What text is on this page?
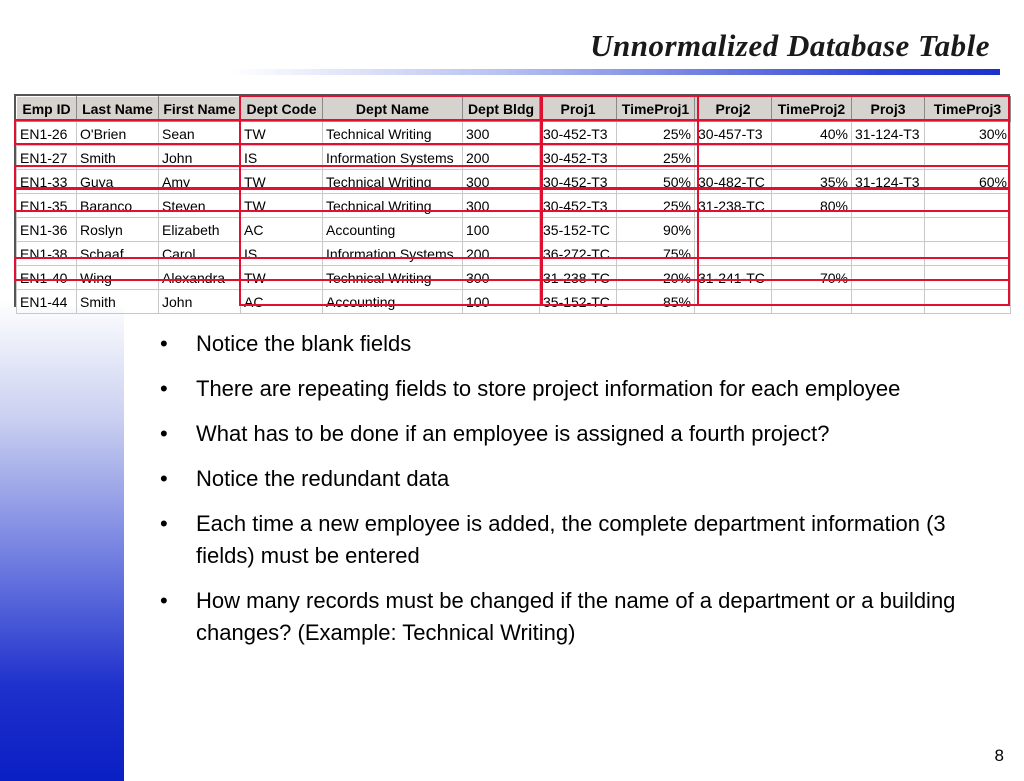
Unnormalized Database Table
Emp ID	Last Name	First Name	Dept Code	Dept Name	Dept Bldg	Proj1	TimeProj1	Proj2	TimeProj2	Proj3	TimeProj3
EN1-26	O'Brien	Sean	TW	Technical Writing	300	30-452-T3	25%	30-457-T3	40%	31-124-T3	30%
EN1-27	Smith	John	IS	Information Systems	200	30-452-T3	25%				
EN1-33	Guya	Amy	TW	Technical Writing	300	30-452-T3	50%	30-482-TC	35%	31-124-T3	60%
EN1-35	Baranco	Steven	TW	Technical Writing	300	30-452-T3	25%	31-238-TC	80%		
EN1-36	Roslyn	Elizabeth	AC	Accounting	100	35-152-TC	90%				
EN1-38	Schaaf	Carol	IS	Information Systems	200	36-272-TC	75%				
EN1-40	Wing	Alexandra	TW	Technical Writing	300	31-238-TC	20%	31-241-TC	70%		
EN1-44	Smith	John	AC	Accounting	100	35-152-TC	85%				
• Notice the blank fields
• There are repeating fields to store project information for each employee
• What has to be done if an employee is assigned a fourth project?
• Notice the redundant data
• Each time a new employee is added, the complete department information (3 fields) must be entered
• How many records must be changed if the name of a department or a building changes? (Example: Technical Writing)
8
